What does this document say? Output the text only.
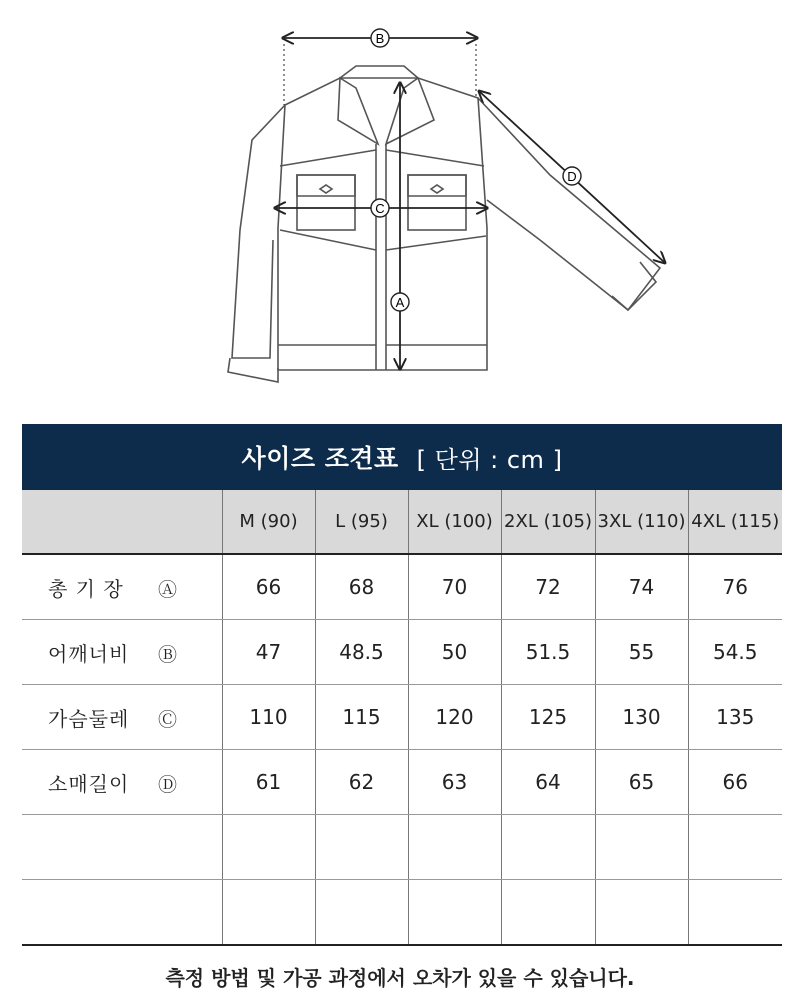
B
A
C
D
사이즈 조견표 [ 단위 : cm ]
	M (90)	L (95)	XL (100)	2XL (105)	3XL (110)	4XL (115)
총 기 장 Ⓐ	66	68	70	72	74	76
어깨너비 Ⓑ	47	48.5	50	51.5	55	54.5
가슴둘레 Ⓒ	110	115	120	125	130	135
소매길이 Ⓓ	61	62	63	64	65	66

측정 방법 및 가공 과정에서 오차가 있을 수 있습니다.
